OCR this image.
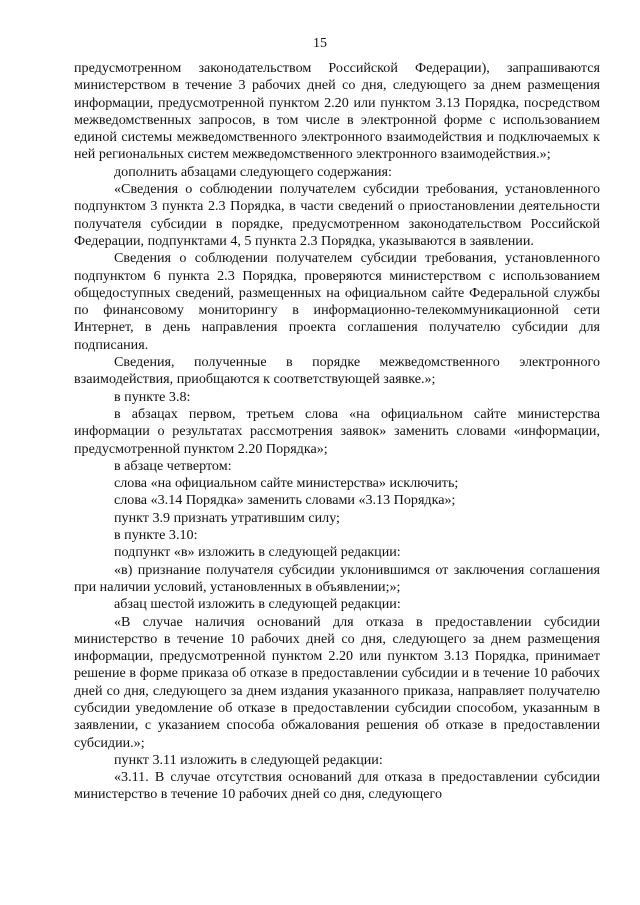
15

предусмотренном законодательством Российской Федерации), запрашиваются министерством в течение 3 рабочих дней со дня, следующего за днем размещения информации, предусмотренной пунктом 2.20 или пунктом 3.13 Порядка, посредством межведомственных запросов, в том числе в электронной форме с использованием единой системы межведомственного электронного взаимодействия и подключаемых к ней региональных систем межведомственного электронного взаимодействия.»;

дополнить абзацами следующего содержания:

«Сведения о соблюдении получателем субсидии требования, установленного подпунктом 3 пункта 2.3 Порядка, в части сведений о приостановлении деятельности получателя субсидии в порядке, предусмотренном законодательством Российской Федерации, подпунктами 4, 5 пункта 2.3 Порядка, указываются в заявлении.

Сведения о соблюдении получателем субсидии требования, установленного подпунктом 6 пункта 2.3 Порядка, проверяются министерством с использованием общедоступных сведений, размещенных на официальном сайте Федеральной службы по финансовому мониторингу в информационно-телекоммуникационной сети Интернет, в день направления проекта соглашения получателю субсидии для подписания.

Сведения, полученные в порядке межведомственного электронного взаимодействия, приобщаются к соответствующей заявке.»;

в пункте 3.8:

в абзацах первом, третьем слова «на официальном сайте министерства информации о результатах рассмотрения заявок» заменить словами «информации, предусмотренной пунктом 2.20 Порядка»;

в абзаце четвертом:

слова «на официальном сайте министерства» исключить;

слова «3.14 Порядка» заменить словами «3.13 Порядка»;

пункт 3.9 признать утратившим силу;

в пункте 3.10:

подпункт «в» изложить в следующей редакции:

«в) признание получателя субсидии уклонившимся от заключения соглашения при наличии условий, установленных в объявлении;»;

абзац шестой изложить в следующей редакции:

«В случае наличия оснований для отказа в предоставлении субсидии министерство в течение 10 рабочих дней со дня, следующего за днем размещения информации, предусмотренной пунктом 2.20 или пунктом 3.13 Порядка, принимает решение в форме приказа об отказе в предоставлении субсидии и в течение 10 рабочих дней со дня, следующего за днем издания указанного приказа, направляет получателю субсидии уведомление об отказе в предоставлении субсидии способом, указанным в заявлении, с указанием способа обжалования решения об отказе в предоставлении субсидии.»;

пункт 3.11 изложить в следующей редакции:

«3.11. В случае отсутствия оснований для отказа в предоставлении субсидии министерство в течение 10 рабочих дней со дня, следующего
